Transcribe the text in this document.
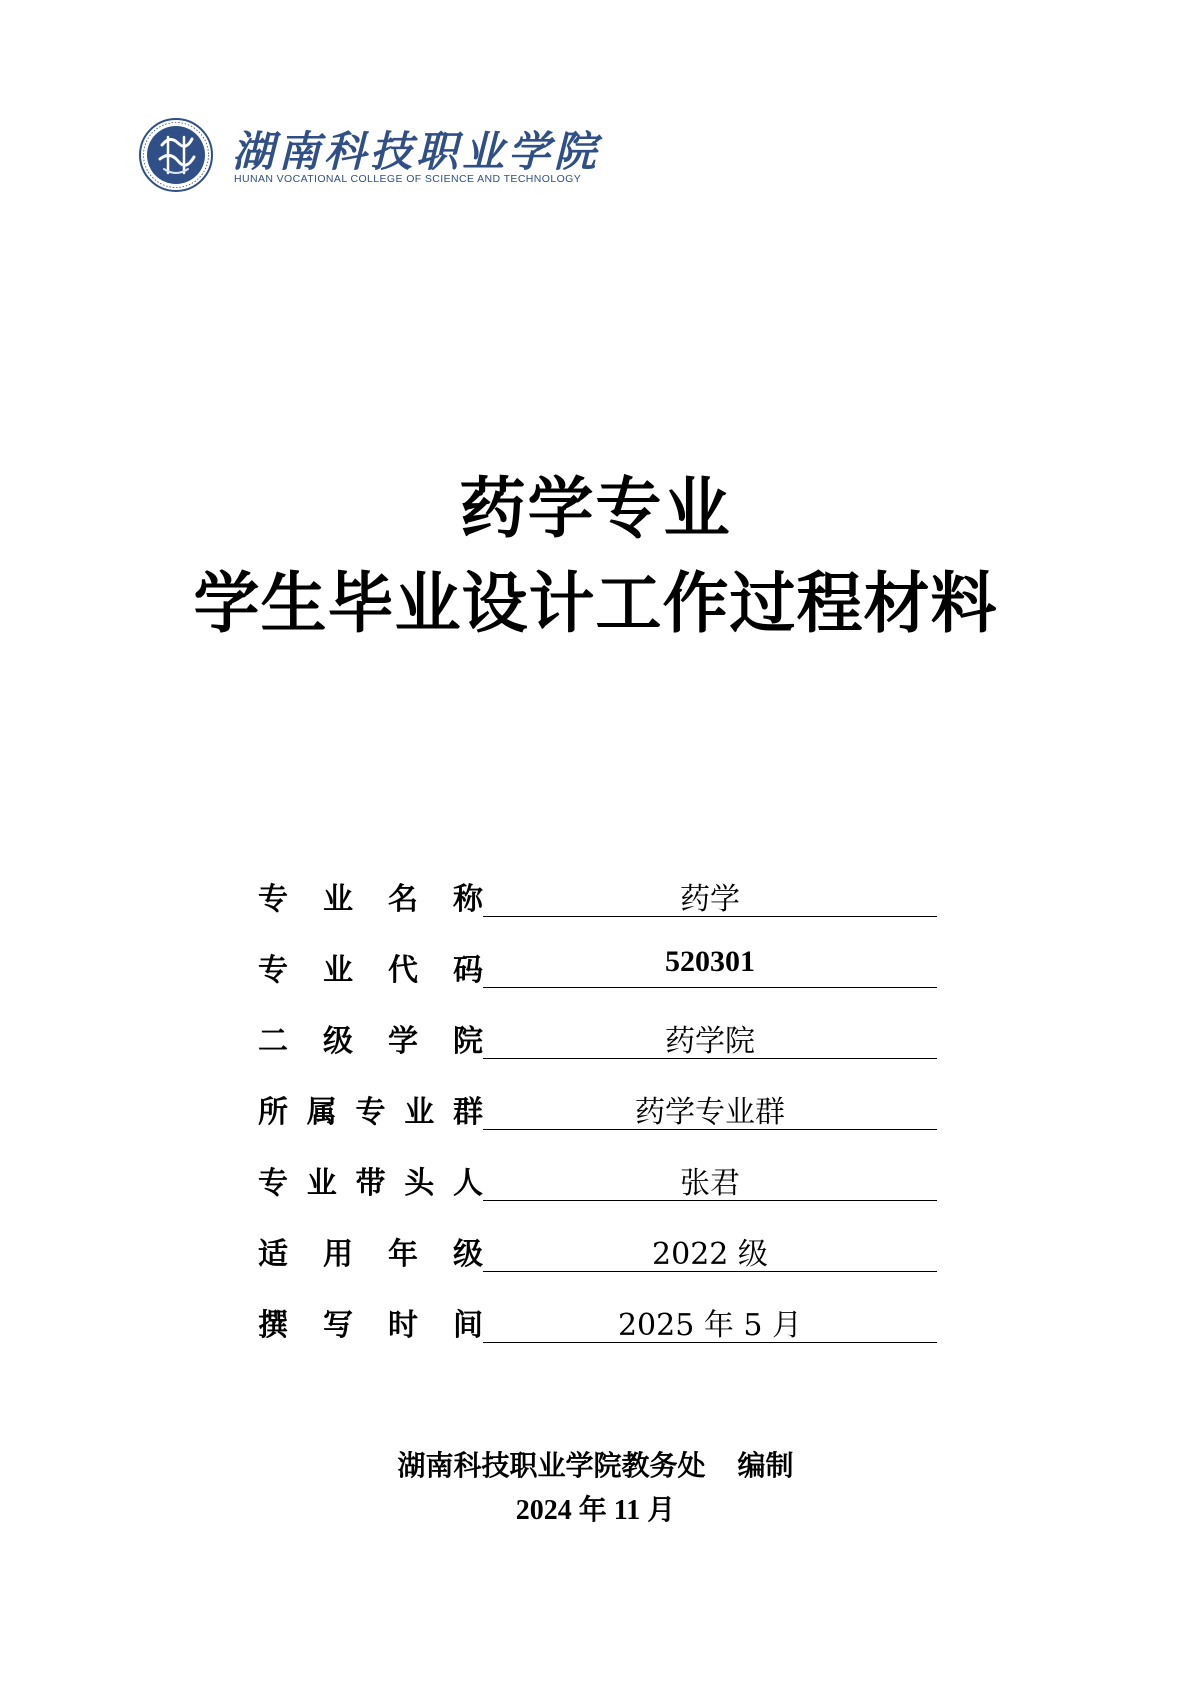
湖南科技职业学院
HUNAN VOCATIONAL COLLEGE OF SCIENCE AND TECHNOLOGY
药学专业
学生毕业设计工作过程材料
专 业 名 称	药学
专 业 代 码	520301
二 级 学 院	药学院
所 属 专 业 群	药学专业群
专 业 带 头 人	张君
适 用 年 级	2022 级
撰 写 时 间	2025 年 5 月
湖南科技职业学院教务处 编制
2024 年 11 月
